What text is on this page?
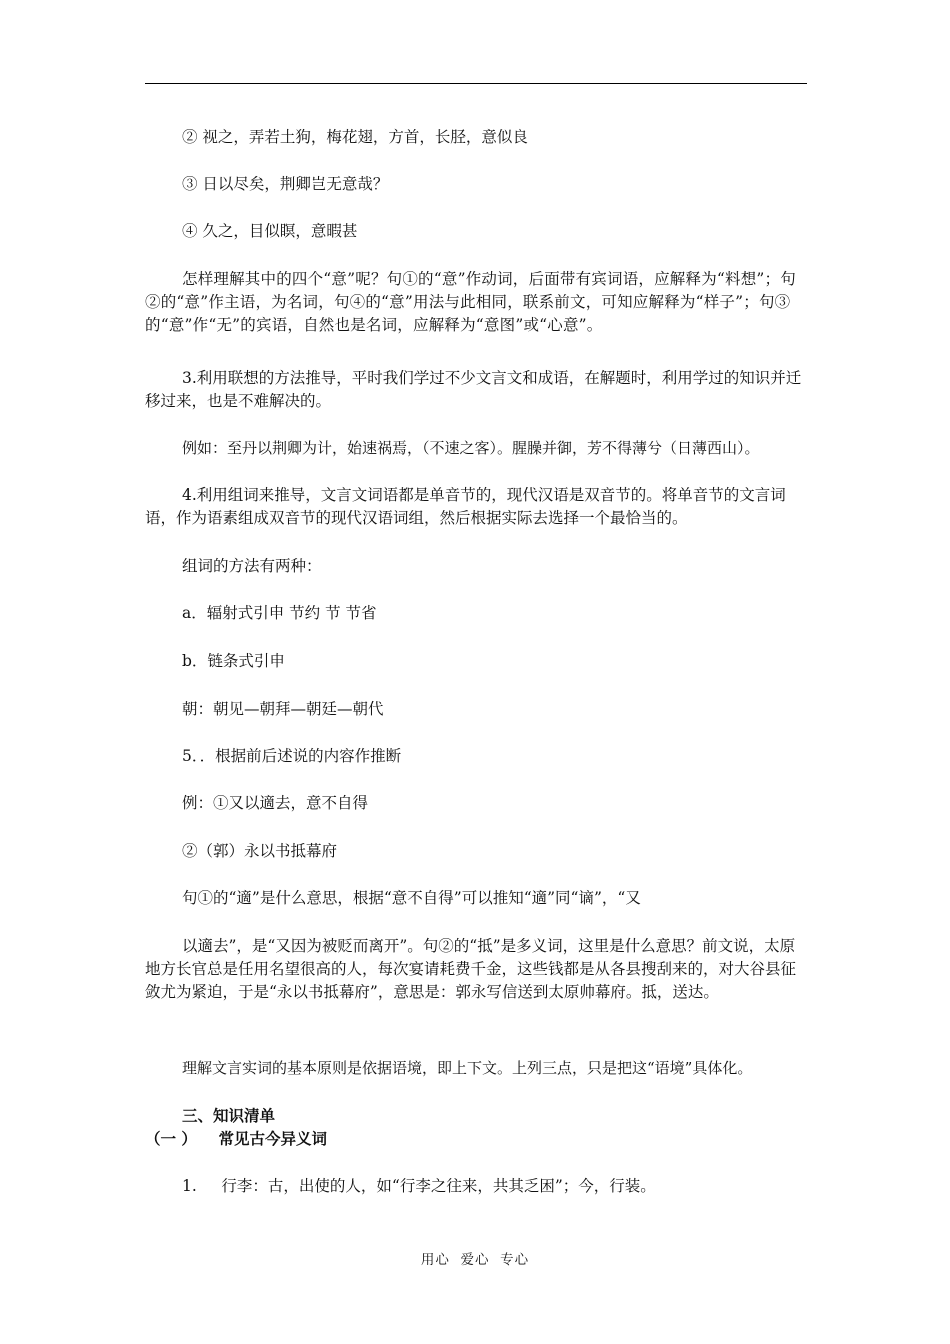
② 视之，弄若土狗，梅花翅，方首，长胫，意似良

③ 日以尽矣，荆卿岂无意哉？

④ 久之，目似瞑，意暇甚

怎样理解其中的四个“意”呢？句①的“意”作动词，后面带有宾词语，应解释为“料想”；句②的“意”作主语，为名词，句④的“意”用法与此相同，联系前文，可知应解释为“样子”；句③的“意”作“无”的宾语，自然也是名词，应解释为“意图”或“心意”。

3.利用联想的方法推导，平时我们学过不少文言文和成语，在解题时，利用学过的知识并迁移过来，也是不难解决的。

例如：至丹以荆卿为计，始速祸焉，（不速之客）。腥臊并御，芳不得薄兮（日薄西山）。

4.利用组词来推导，文言文词语都是单音节的，现代汉语是双音节的。将单音节的文言词语，作为语素组成双音节的现代汉语词组，然后根据实际去选择一个最恰当的。

组词的方法有两种：

a．辐射式引申 节约 节 节省

b．链条式引申

朝：朝见—朝拜—朝廷—朝代

5．．根据前后述说的内容作推断

例：①又以適去，意不自得

②（郭）永以书抵幕府

句①的“適”是什么意思，根据“意不自得”可以推知“適”同“谪”，“又

以適去”，是“又因为被贬而离开”。句②的“抵”是多义词，这里是什么意思？前文说，太原地方长官总是任用名望很高的人，每次宴请耗费千金，这些钱都是从各县搜刮来的，对大谷县征敛尤为紧迫，于是“永以书抵幕府”，意思是：郭永写信送到太原帅幕府。抵，送达。

理解文言实词的基本原则是依据语境，即上下文。上列三点，只是把这“语境”具体化。

三、知识清单

（一 ）    常见古今异义词

1.     行李：古，出使的人，如“行李之往来，共其乏困”；今，行装。

用心  爱心  专心
